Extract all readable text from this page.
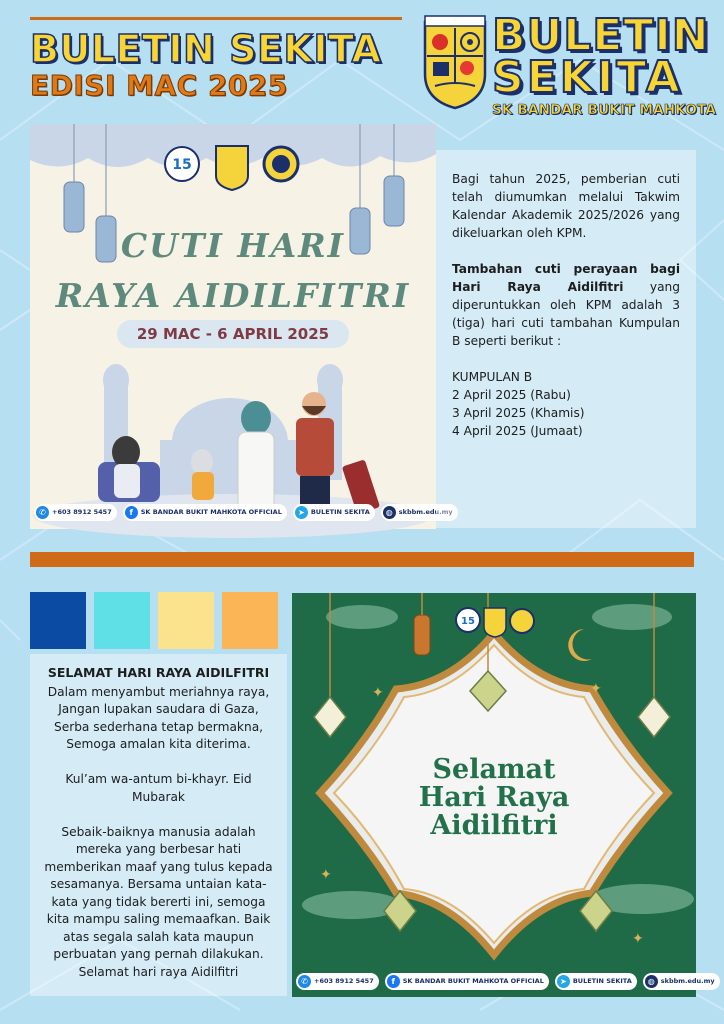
BULETIN SEKITA
EDISI MAC 2025
BULETIN
SEKITA
SK BANDAR BUKIT MAHKOTA
15
CUTI HARI
RAYA AIDILFITRI
29 MAC - 6 APRIL 2025
✆ +603 8912 5457	f	SK BANDAR BUKIT MAHKOTA OFFICIAL	➤ BULETIN SEKITA	◍ skbbm.edu.my

Bagi tahun 2025, pemberian cuti telah diumumkan melalui Takwim Kalendar Akademik 2025/2026 yang dikeluarkan oleh KPM.

Tambahan cuti perayaan bagi Hari Raya Aidilfitri yang diperuntukkan oleh KPM adalah 3 (tiga) hari cuti tambahan Kumpulan B seperti berikut :

KUMPULAN B
2 April 2025 (Rabu)
3 April 2025 (Khamis)
4 April 2025 (Jumaat)
SELAMAT HARI RAYA AIDILFITRI
Dalam menyambut meriahnya raya,
Jangan lupakan saudara di Gaza,
Serba sederhana tetap bermakna,
Semoga amalan kita diterima.
Kul’am wa-antum bi-khayr. Eid Mubarak
Sebaik-baiknya manusia adalah mereka yang berbesar hati memberikan maaf yang tulus kepada sesamanya. Bersama untaian kata-kata yang tidak bererti ini, semoga kita mampu saling memaafkan. Baik atas segala salah kata maupun perbuatan yang pernah dilakukan. Selamat hari raya Aidilfitri
✦	✦
✦
✦
15
Selamat
Hari Raya
Aidilfitri
✆ +603 8912 5457	f	SK BANDAR BUKIT MAHKOTA OFFICIAL	➤ BULETIN SEKITA	◍ skbbm.edu.my
